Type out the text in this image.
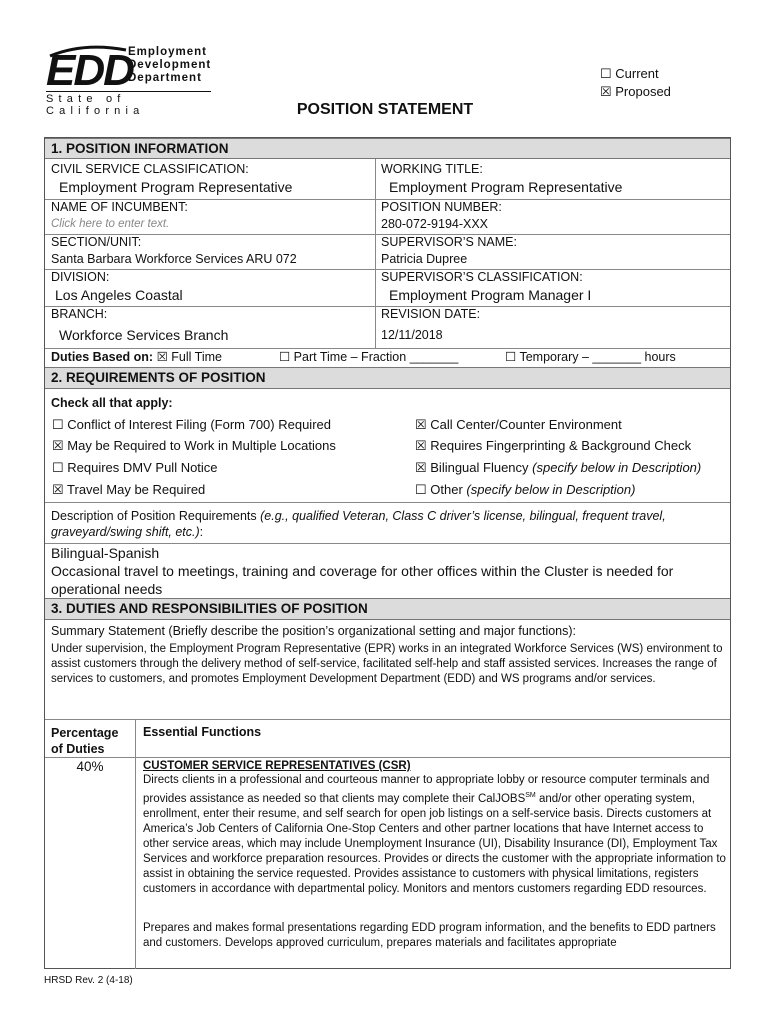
EDD
Employment
Development
Department
State of California
☐ Current
☒ Proposed
POSITION STATEMENT
1. POSITION INFORMATION
CIVIL SERVICE CLASSIFICATION:	WORKING TITLE:
Employment Program Representative	Employment Program Representative
NAME OF INCUMBENT:	POSITION NUMBER:
Click here to enter text.	280-072-9194-XXX
SECTION/UNIT:	SUPERVISOR’S NAME:
Santa Barbara Workforce Services ARU 072	Patricia Dupree
DIVISION:	SUPERVISOR’S CLASSIFICATION:
Los Angeles Coastal	Employment Program Manager I
BRANCH:	REVISION DATE:
Workforce Services Branch	12/11/2018
Duties Based on: ☒ Full Time	☐ Part Time – Fraction _______	☐ Temporary – _______ hours
2. REQUIREMENTS OF POSITION
Check all that apply:
☐ Conflict of Interest Filing (Form 700) Required
☒ May be Required to Work in Multiple Locations
☐ Requires DMV Pull Notice
☒ Travel May be Required
☒ Call Center/Counter Environment
☒ Requires Fingerprinting & Background Check
☒ Bilingual Fluency (specify below in Description)
☐ Other (specify below in Description)
Description of Position Requirements (e.g., qualified Veteran, Class C driver’s license, bilingual, frequent travel, graveyard/swing shift, etc.):
Bilingual-Spanish
Occasional travel to meetings, training and coverage for other offices within the Cluster is needed for operational needs
3. DUTIES AND RESPONSIBILITIES OF POSITION
Summary Statement (Briefly describe the position’s organizational setting and major functions):
Under supervision, the Employment Program Representative (EPR) works in an integrated Workforce Services (WS) environment to assist customers through the delivery method of self-service, facilitated self-help and staff assisted services. Increases the range of services to customers, and promotes Employment Development Department (EDD) and WS programs and/or services.
Percentage of Duties
Essential Functions
40%	CUSTOMER SERVICE REPRESENTATIVES (CSR)
Directs clients in a professional and courteous manner to appropriate lobby or resource computer terminals and provides assistance as needed so that clients may complete their CalJOBS℠ and/or other operating system, enrollment, enter their resume, and self search for open job listings on a self-service basis. Directs customers at America’s Job Centers of California One-Stop Centers and other partner locations that have Internet access to other service areas, which may include Unemployment Insurance (UI), Disability Insurance (DI), Employment Tax Services and workforce preparation resources. Provides or directs the customer with the appropriate information to assist in obtaining the service requested. Provides assistance to customers with physical limitations, registers customers in accordance with departmental policy. Monitors and mentors customers regarding EDD resources.
Prepares and makes formal presentations regarding EDD program information, and the benefits to EDD partners and customers. Develops approved curriculum, prepares materials and facilitates appropriate
HRSD Rev. 2 (4-18)
